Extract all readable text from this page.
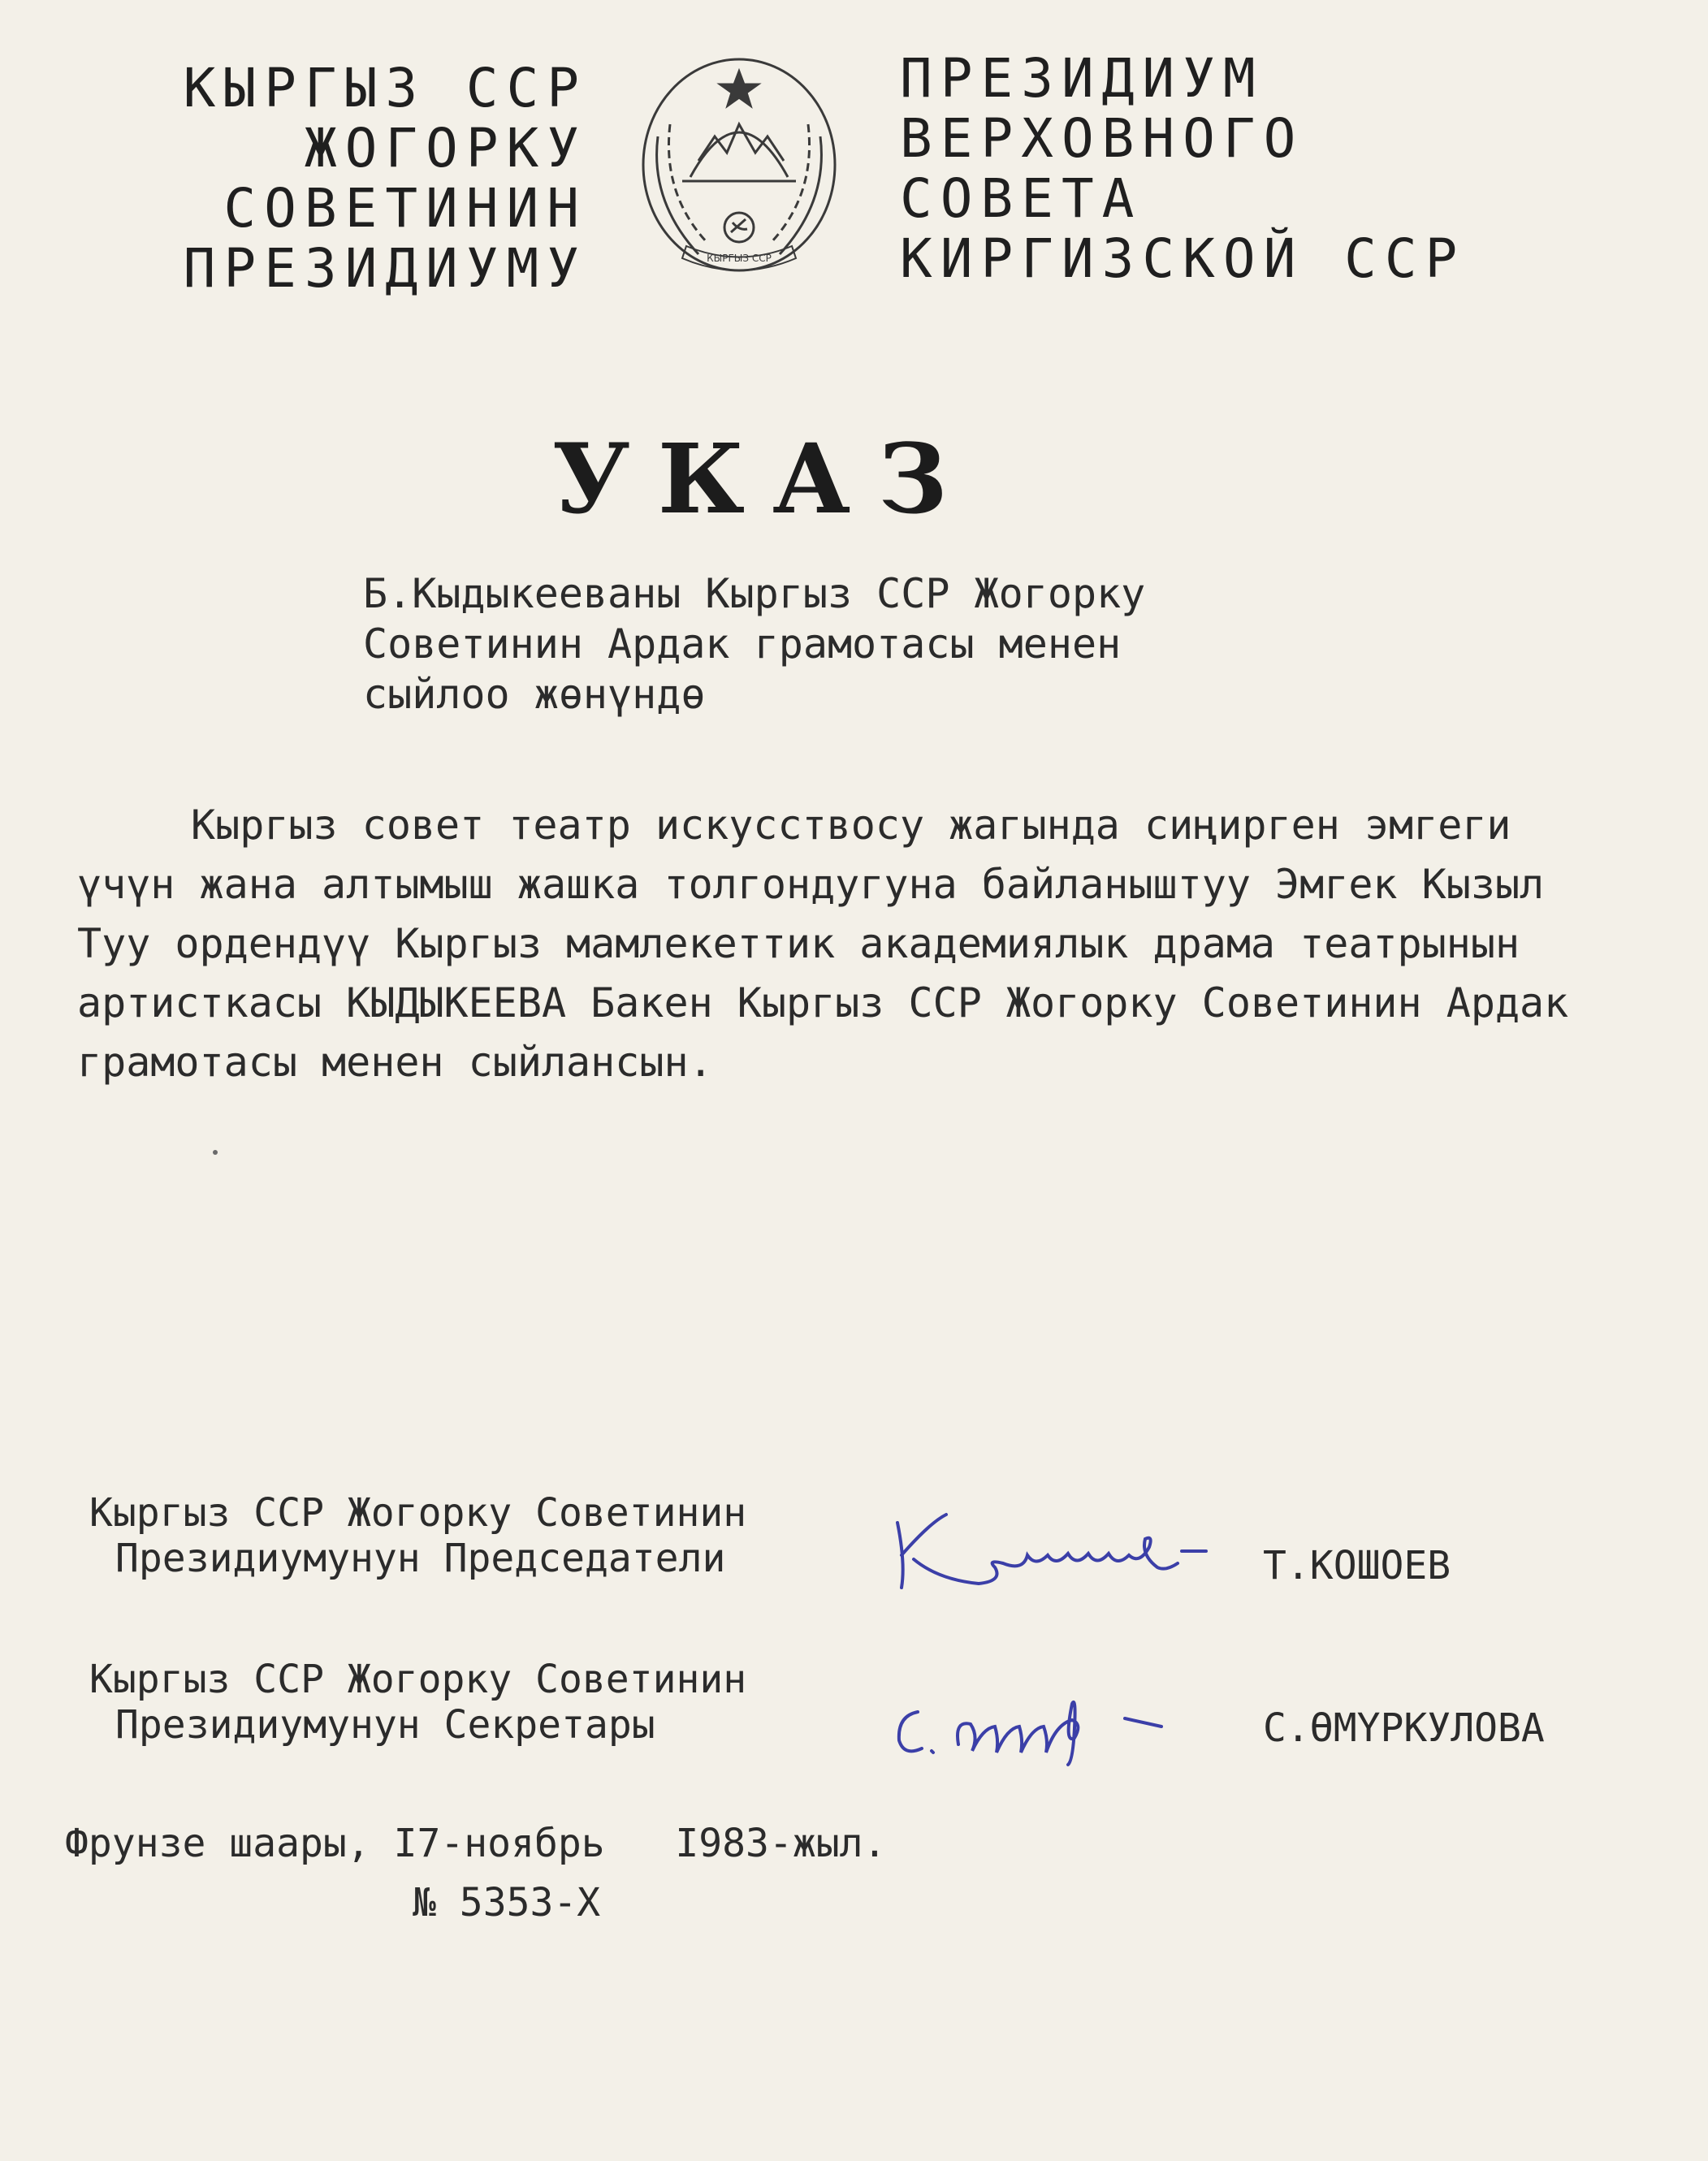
КЫРГЫЗ ССР
ЖОГОРКУ
СОВЕТИНИН
ПРЕЗИДИУМУ	КЫРГЫЗ ССР
ПРЕЗИДИУМ
ВЕРХОВНОГО
СОВЕТА
КИРГИЗСКОЙ ССР
УКАЗ
Б.Кыдыкееваны Кыргыз ССР Жогорку
Советинин Ардак грамотасы менен
сыйлоо жөнүндө
Кыргыз совет театр искусствосу жагында сиңирген эмгеги
үчүн жана алтымыш жашка толгондугуна байланыштуу Эмгек Кызыл
Туу ордендүү Кыргыз мамлекеттик академиялык драма театрынын
артисткасы КЫДЫКЕЕВА Бакен Кыргыз ССР Жогорку Советинин Ардак
грамотасы менен сыйлансын.
Кыргыз ССР Жогорку Советинин
Президиумунун Председатели	Т.КОШОЕВ
Кыргыз ССР Жогорку Советинин
Президиумунун Секретары	С.ӨМҮРКУЛОВА
Фрунзе шаары, I7-ноябрь   I983-жыл.
№ 5353-Х
